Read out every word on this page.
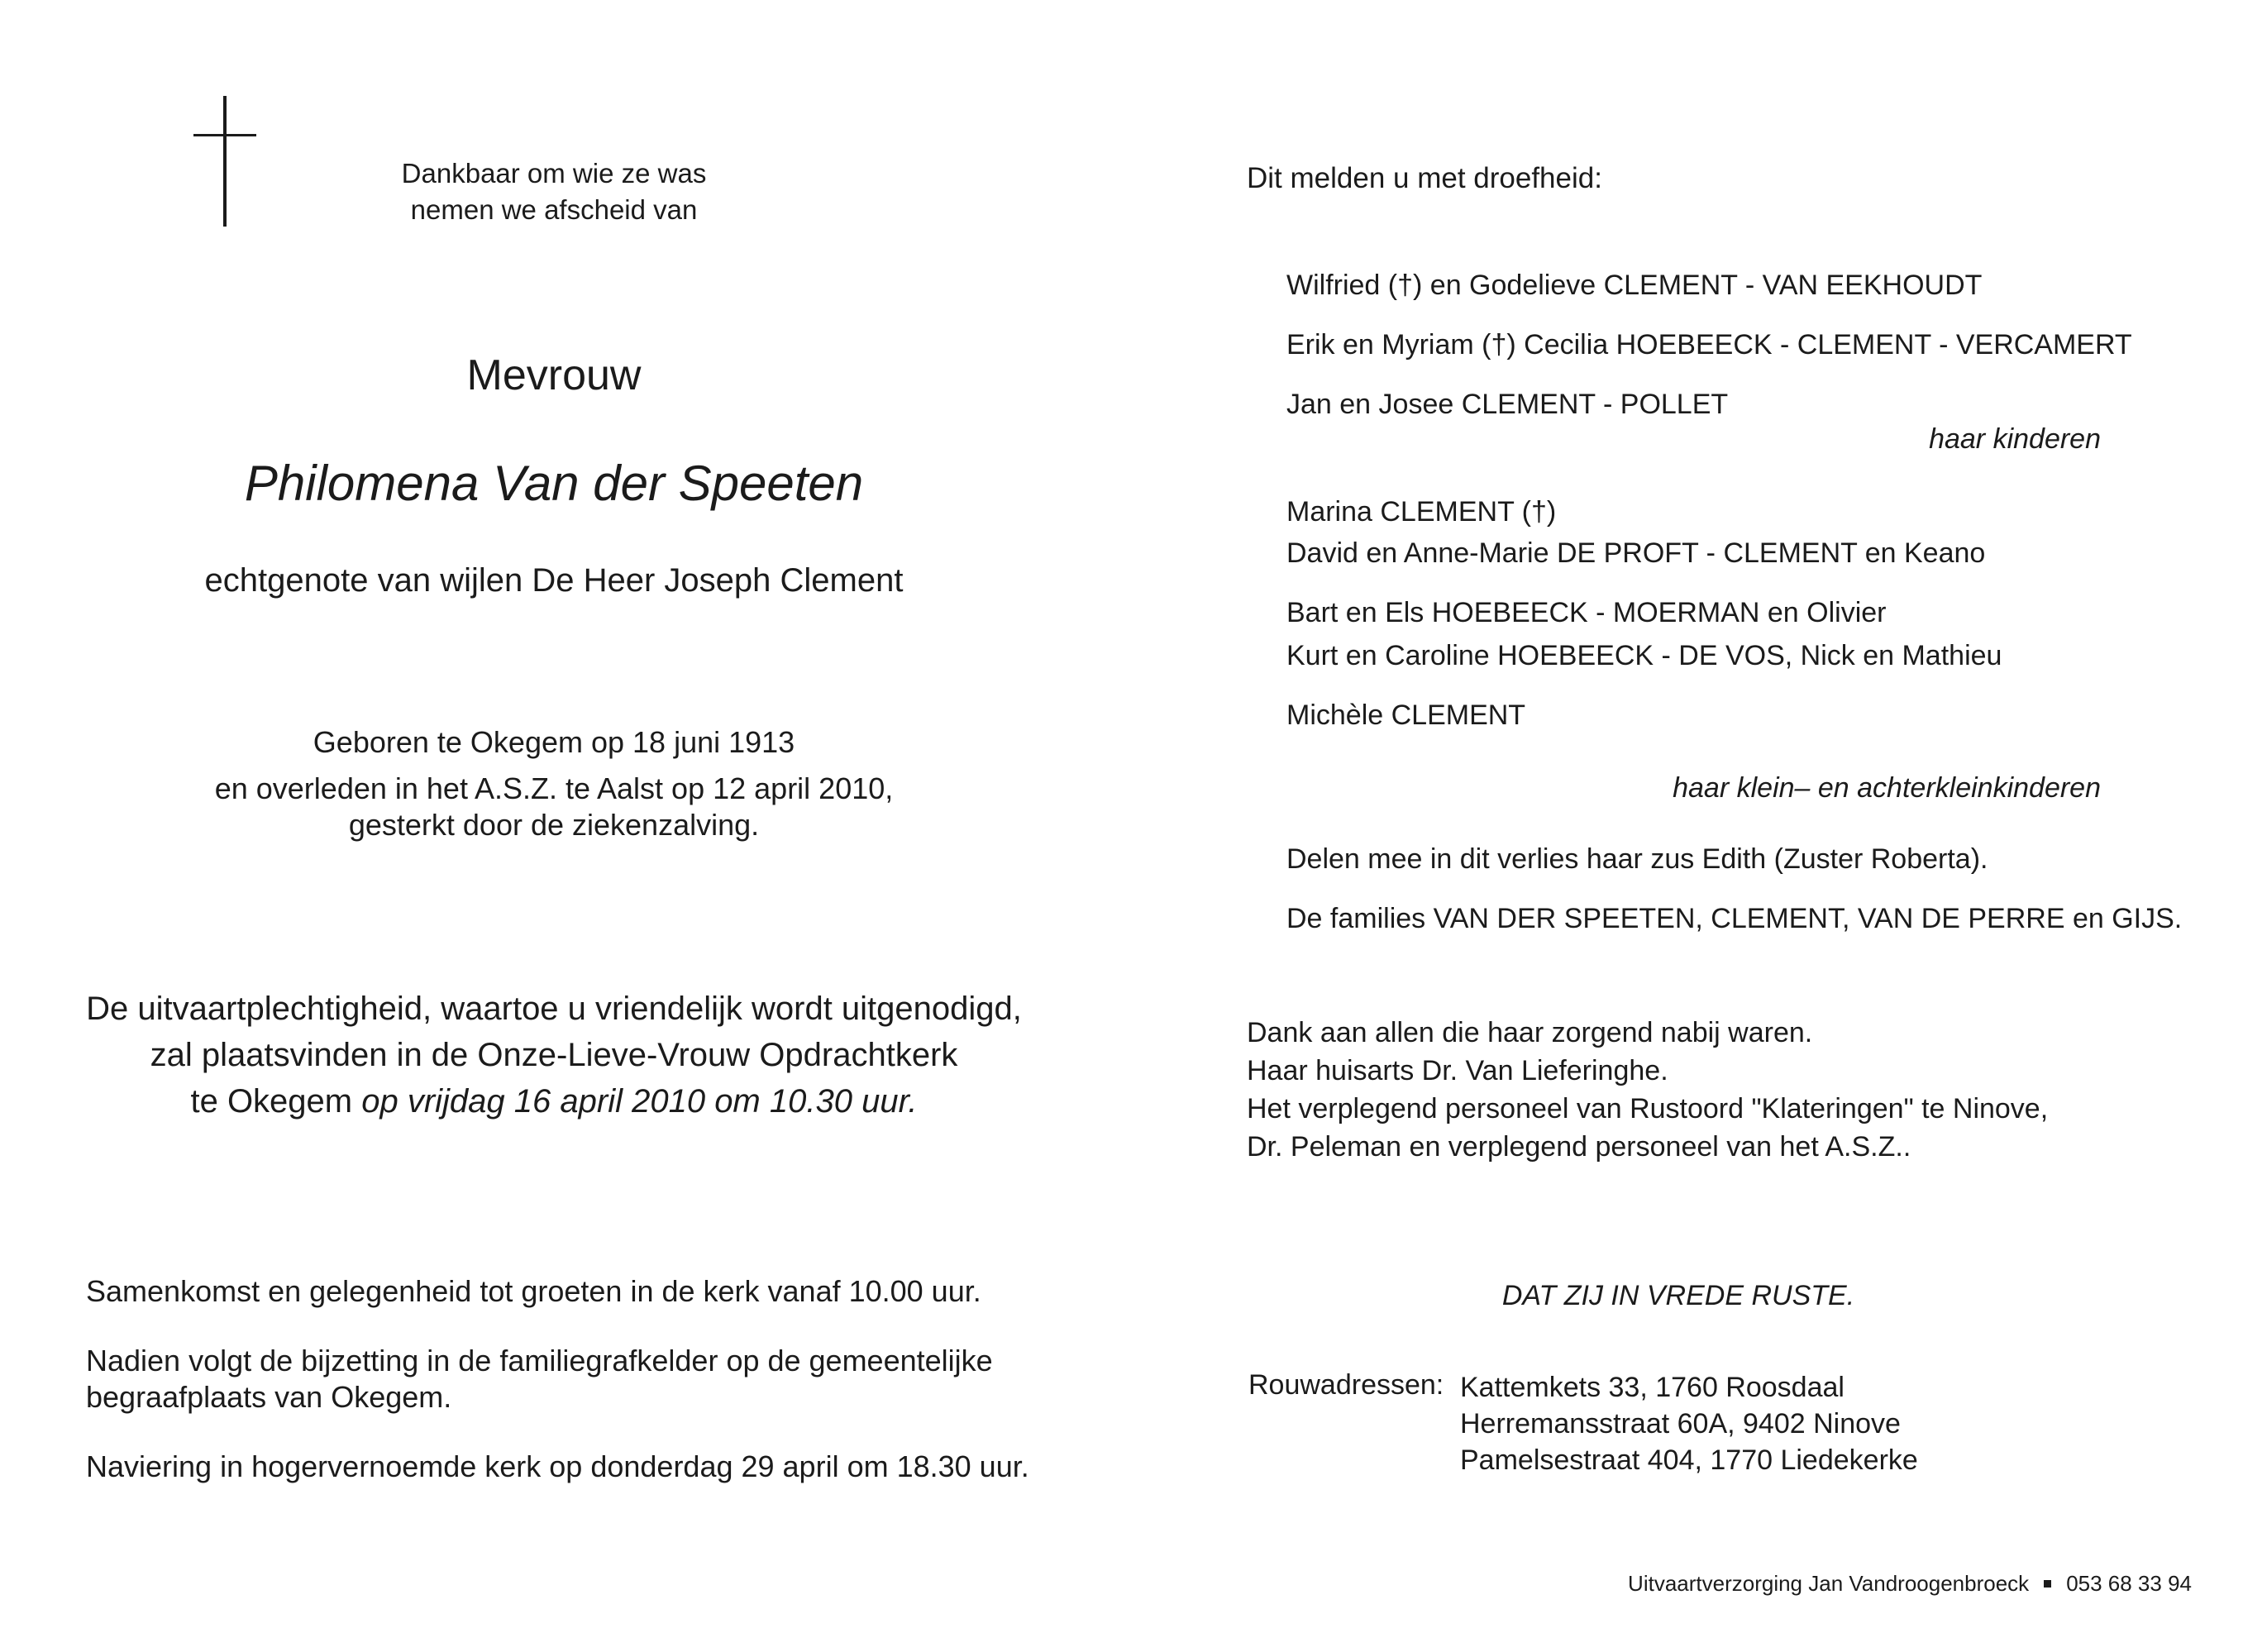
Dankbaar om wie ze was
nemen we afscheid van
Mevrouw
Philomena Van der Speeten
echtgenote van wijlen De Heer Joseph Clement
Geboren te Okegem op 18 juni 1913
en overleden in het A.S.Z. te Aalst op 12 april 2010,
gesterkt door de ziekenzalving.
De uitvaartplechtigheid, waartoe u vriendelijk wordt uitgenodigd,
zal plaatsvinden in de Onze-Lieve-Vrouw Opdrachtkerk
te Okegem op vrijdag 16 april 2010 om 10.30 uur.
Samenkomst en gelegenheid tot groeten in de kerk vanaf 10.00 uur.
Nadien volgt de bijzetting in de familiegrafkelder op de gemeentelijke
begraafplaats van Okegem.
Naviering in hogervernoemde kerk op donderdag 29 april om 18.30 uur.
Dit melden u met droefheid:
Wilfried (†) en Godelieve CLEMENT - VAN EEKHOUDT
Erik en Myriam (†) Cecilia HOEBEECK - CLEMENT - VERCAMERT
Jan en Josee CLEMENT - POLLET
haar kinderen
Marina CLEMENT (†)
David en Anne-Marie DE PROFT - CLEMENT en Keano
Bart en Els HOEBEECK - MOERMAN en Olivier
Kurt en Caroline HOEBEECK - DE VOS, Nick en Mathieu
Michèle CLEMENT
haar klein– en achterkleinkinderen
Delen mee in dit verlies haar zus Edith (Zuster Roberta).
De families VAN DER SPEETEN, CLEMENT, VAN DE PERRE en GIJS.
Dank aan allen die haar zorgend nabij waren.
Haar huisarts Dr. Van Lieferinghe.
Het verplegend personeel van Rustoord "Klateringen" te Ninove,
Dr. Peleman en verplegend personeel van het A.S.Z..
DAT ZIJ IN VREDE RUSTE.
Rouwadressen: Kattemkets 33, 1760 Roosdaal
Herremansstraat 60A, 9402 Ninove
Pamelsestraat 404, 1770 Liedekerke
Uitvaartverzorging Jan Vandroogenbroeck 053 68 33 94
